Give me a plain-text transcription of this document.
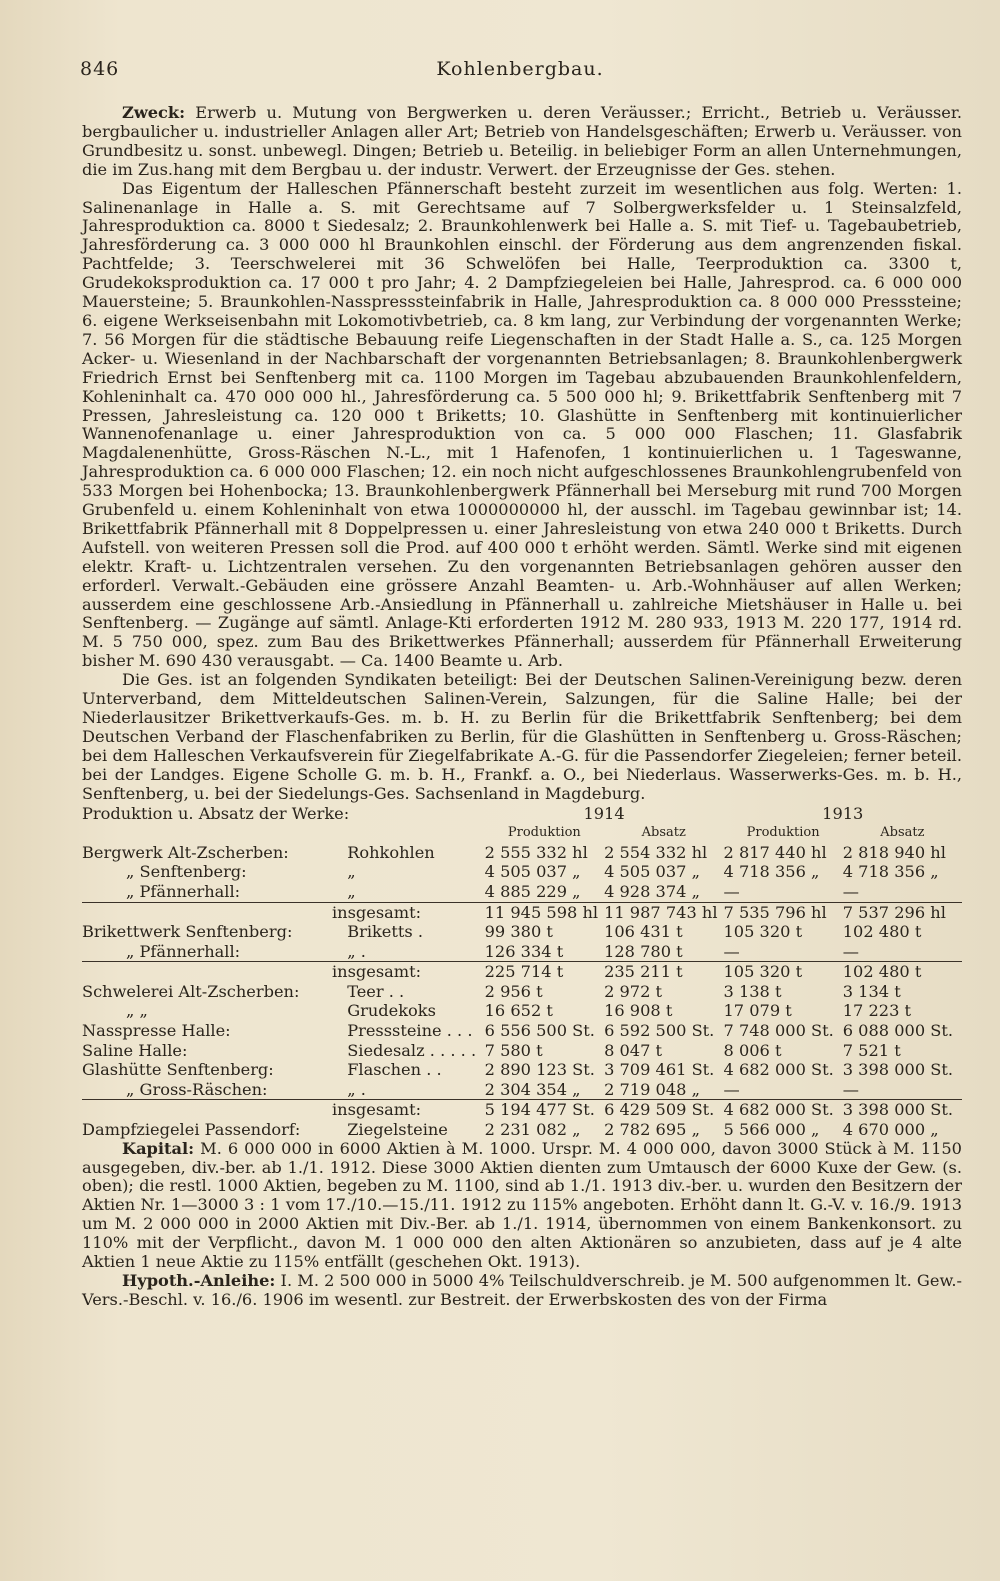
846	Kohlenbergbau.

Zweck: Erwerb u. Mutung von Bergwerken u. deren Veräusser.; Erricht., Betrieb u. Veräusser. bergbaulicher u. industrieller Anlagen aller Art; Betrieb von Handelsgeschäften; Erwerb u. Veräusser. von Grundbesitz u. sonst. unbewegl. Dingen; Betrieb u. Beteilig. in beliebiger Form an allen Unternehmungen, die im Zus.hang mit dem Bergbau u. der industr. Verwert. der Erzeugnisse der Ges. stehen.

Das Eigentum der Halleschen Pfännerschaft besteht zurzeit im wesentlichen aus folg. Werten: 1. Salinenanlage in Halle a. S. mit Gerechtsame auf 7 Solbergwerksfelder u. 1 Steinsalzfeld, Jahresproduktion ca. 8000 t Siedesalz; 2. Braunkohlenwerk bei Halle a. S. mit Tief- u. Tagebaubetrieb, Jahresförderung ca. 3 000 000 hl Braunkohlen einschl. der Förderung aus dem angrenzenden fiskal. Pachtfelde; 3. Teerschwelerei mit 36 Schwelöfen bei Halle, Teerproduktion ca. 3300 t, Grudekoksproduktion ca. 17 000 t pro Jahr; 4. 2 Dampfziegeleien bei Halle, Jahresprod. ca. 6 000 000 Mauersteine; 5. Braunkohlen-Nasspresssteinfabrik in Halle, Jahresproduktion ca. 8 000 000 Presssteine; 6. eigene Werkseisenbahn mit Lokomotivbetrieb, ca. 8 km lang, zur Verbindung der vorgenannten Werke; 7. 56 Morgen für die städtische Bebauung reife Liegenschaften in der Stadt Halle a. S., ca. 125 Morgen Acker- u. Wiesenland in der Nachbarschaft der vorgenannten Betriebsanlagen; 8. Braunkohlenbergwerk Friedrich Ernst bei Senftenberg mit ca. 1100 Morgen im Tagebau abzubauenden Braunkohlenfeldern, Kohleninhalt ca. 470 000 000 hl., Jahresförderung ca. 5 500 000 hl; 9. Brikettfabrik Senftenberg mit 7 Pressen, Jahresleistung ca. 120 000 t Briketts; 10. Glashütte in Senftenberg mit kontinuierlicher Wannenofenanlage u. einer Jahresproduktion von ca. 5 000 000 Flaschen; 11. Glasfabrik Magdalenenhütte, Gross-Räschen N.-L., mit 1 Hafenofen, 1 kontinuierlichen u. 1 Tageswanne, Jahresproduktion ca. 6 000 000 Flaschen; 12. ein noch nicht aufgeschlossenes Braunkohlengrubenfeld von 533 Morgen bei Hohenbocka; 13. Braunkohlenbergwerk Pfännerhall bei Merseburg mit rund 700 Morgen Grubenfeld u. einem Kohleninhalt von etwa 1000000000 hl, der ausschl. im Tagebau gewinnbar ist; 14. Brikettfabrik Pfännerhall mit 8 Doppelpressen u. einer Jahresleistung von etwa 240 000 t Briketts. Durch Aufstell. von weiteren Pressen soll die Prod. auf 400 000 t erhöht werden. Sämtl. Werke sind mit eigenen elektr. Kraft- u. Lichtzentralen versehen. Zu den vorgenannten Betriebsanlagen gehören ausser den erforderl. Verwalt.-Gebäuden eine grössere Anzahl Beamten- u. Arb.-Wohnhäuser auf allen Werken; ausserdem eine geschlossene Arb.-Ansiedlung in Pfännerhall u. zahlreiche Mietshäuser in Halle u. bei Senftenberg. — Zugänge auf sämtl. Anlage-Kti erforderten 1912 M. 280 933, 1913 M. 220 177, 1914 rd. M. 5 750 000, spez. zum Bau des Brikettwerkes Pfännerhall; ausserdem für Pfännerhall Erweiterung bisher M. 690 430 verausgabt. — Ca. 1400 Beamte u. Arb.

Die Ges. ist an folgenden Syndikaten beteiligt: Bei der Deutschen Salinen-Vereinigung bezw. deren Unterverband, dem Mitteldeutschen Salinen-Verein, Salzungen, für die Saline Halle; bei der Niederlausitzer Brikettverkaufs-Ges. m. b. H. zu Berlin für die Brikettfabrik Senftenberg; bei dem Deutschen Verband der Flaschenfabriken zu Berlin, für die Glashütten in Senftenberg u. Gross-Räschen; bei dem Halleschen Verkaufsverein für Ziegelfabrikate A.-G. für die Passendorfer Ziegeleien; ferner beteil. bei der Landges. Eigene Scholle G. m. b. H., Frankf. a. O., bei Niederlaus. Wasserwerks-Ges. m. b. H., Senftenberg, u. bei der Siedelungs-Ges. Sachsenland in Magdeburg.

Produktion u. Absatz der Werke:		1914		1913	
		Produktion	Absatz	Produktion	Absatz
Bergwerk Alt-Zscherben:	Rohkohlen	2 555 332 hl	2 554 332 hl	2 817 440 hl	2 818 940 hl
„ Senftenberg:	„	4 505 037 „	4 505 037 „	4 718 356 „	4 718 356 „
„ Pfännerhall:	„	4 885 229 „	4 928 374 „	—	—
insgesamt:		11 945 598 hl	11 987 743 hl	7 535 796 hl	7 537 296 hl
Brikettwerk Senftenberg:	Briketts .	99 380 t	106 431 t	105 320 t	102 480 t
„ Pfännerhall:	„ .	126 334 t	128 780 t	—	—
insgesamt:		225 714 t	235 211 t	105 320 t	102 480 t
Schwelerei Alt-Zscherben:	Teer . .	2 956 t	2 972 t	3 138 t	3 134 t
„ „	Grudekoks	16 652 t	16 908 t	17 079 t	17 223 t
Nasspresse Halle:	Presssteine . . .	6 556 500 St.	6 592 500 St.	7 748 000 St.	6 088 000 St.
Saline Halle:	Siedesalz . . . . .	7 580 t	8 047 t	8 006 t	7 521 t
Glashütte Senftenberg:	Flaschen . .	2 890 123 St.	3 709 461 St.	4 682 000 St.	3 398 000 St.
„ Gross-Räschen:	„ .	2 304 354 „	2 719 048 „	—	—
insgesamt:		5 194 477 St.	6 429 509 St.	4 682 000 St.	3 398 000 St.
Dampfziegelei Passendorf:	Ziegelsteine	2 231 082 „	2 782 695 „	5 566 000 „	4 670 000 „

Kapital: M. 6 000 000 in 6000 Aktien à M. 1000. Urspr. M. 4 000 000, davon 3000 Stück à M. 1150 ausgegeben, div.-ber. ab 1./1. 1912. Diese 3000 Aktien dienten zum Umtausch der 6000 Kuxe der Gew. (s. oben); die restl. 1000 Aktien, begeben zu M. 1100, sind ab 1./1. 1913 div.-ber. u. wurden den Besitzern der Aktien Nr. 1—3000 3 : 1 vom 17./10.—15./11. 1912 zu 115% angeboten. Erhöht dann lt. G.-V. v. 16./9. 1913 um M. 2 000 000 in 2000 Aktien mit Div.-Ber. ab 1./1. 1914, übernommen von einem Bankenkonsort. zu 110% mit der Verpflicht., davon M. 1 000 000 den alten Aktionären so anzubieten, dass auf je 4 alte Aktien 1 neue Aktie zu 115% entfällt (geschehen Okt. 1913).

Hypoth.-Anleihe: I. M. 2 500 000 in 5000 4% Teilschuldverschreib. je M. 500 aufgenommen lt. Gew.-Vers.-Beschl. v. 16./6. 1906 im wesentl. zur Bestreit. der Erwerbskosten des von der Firma
